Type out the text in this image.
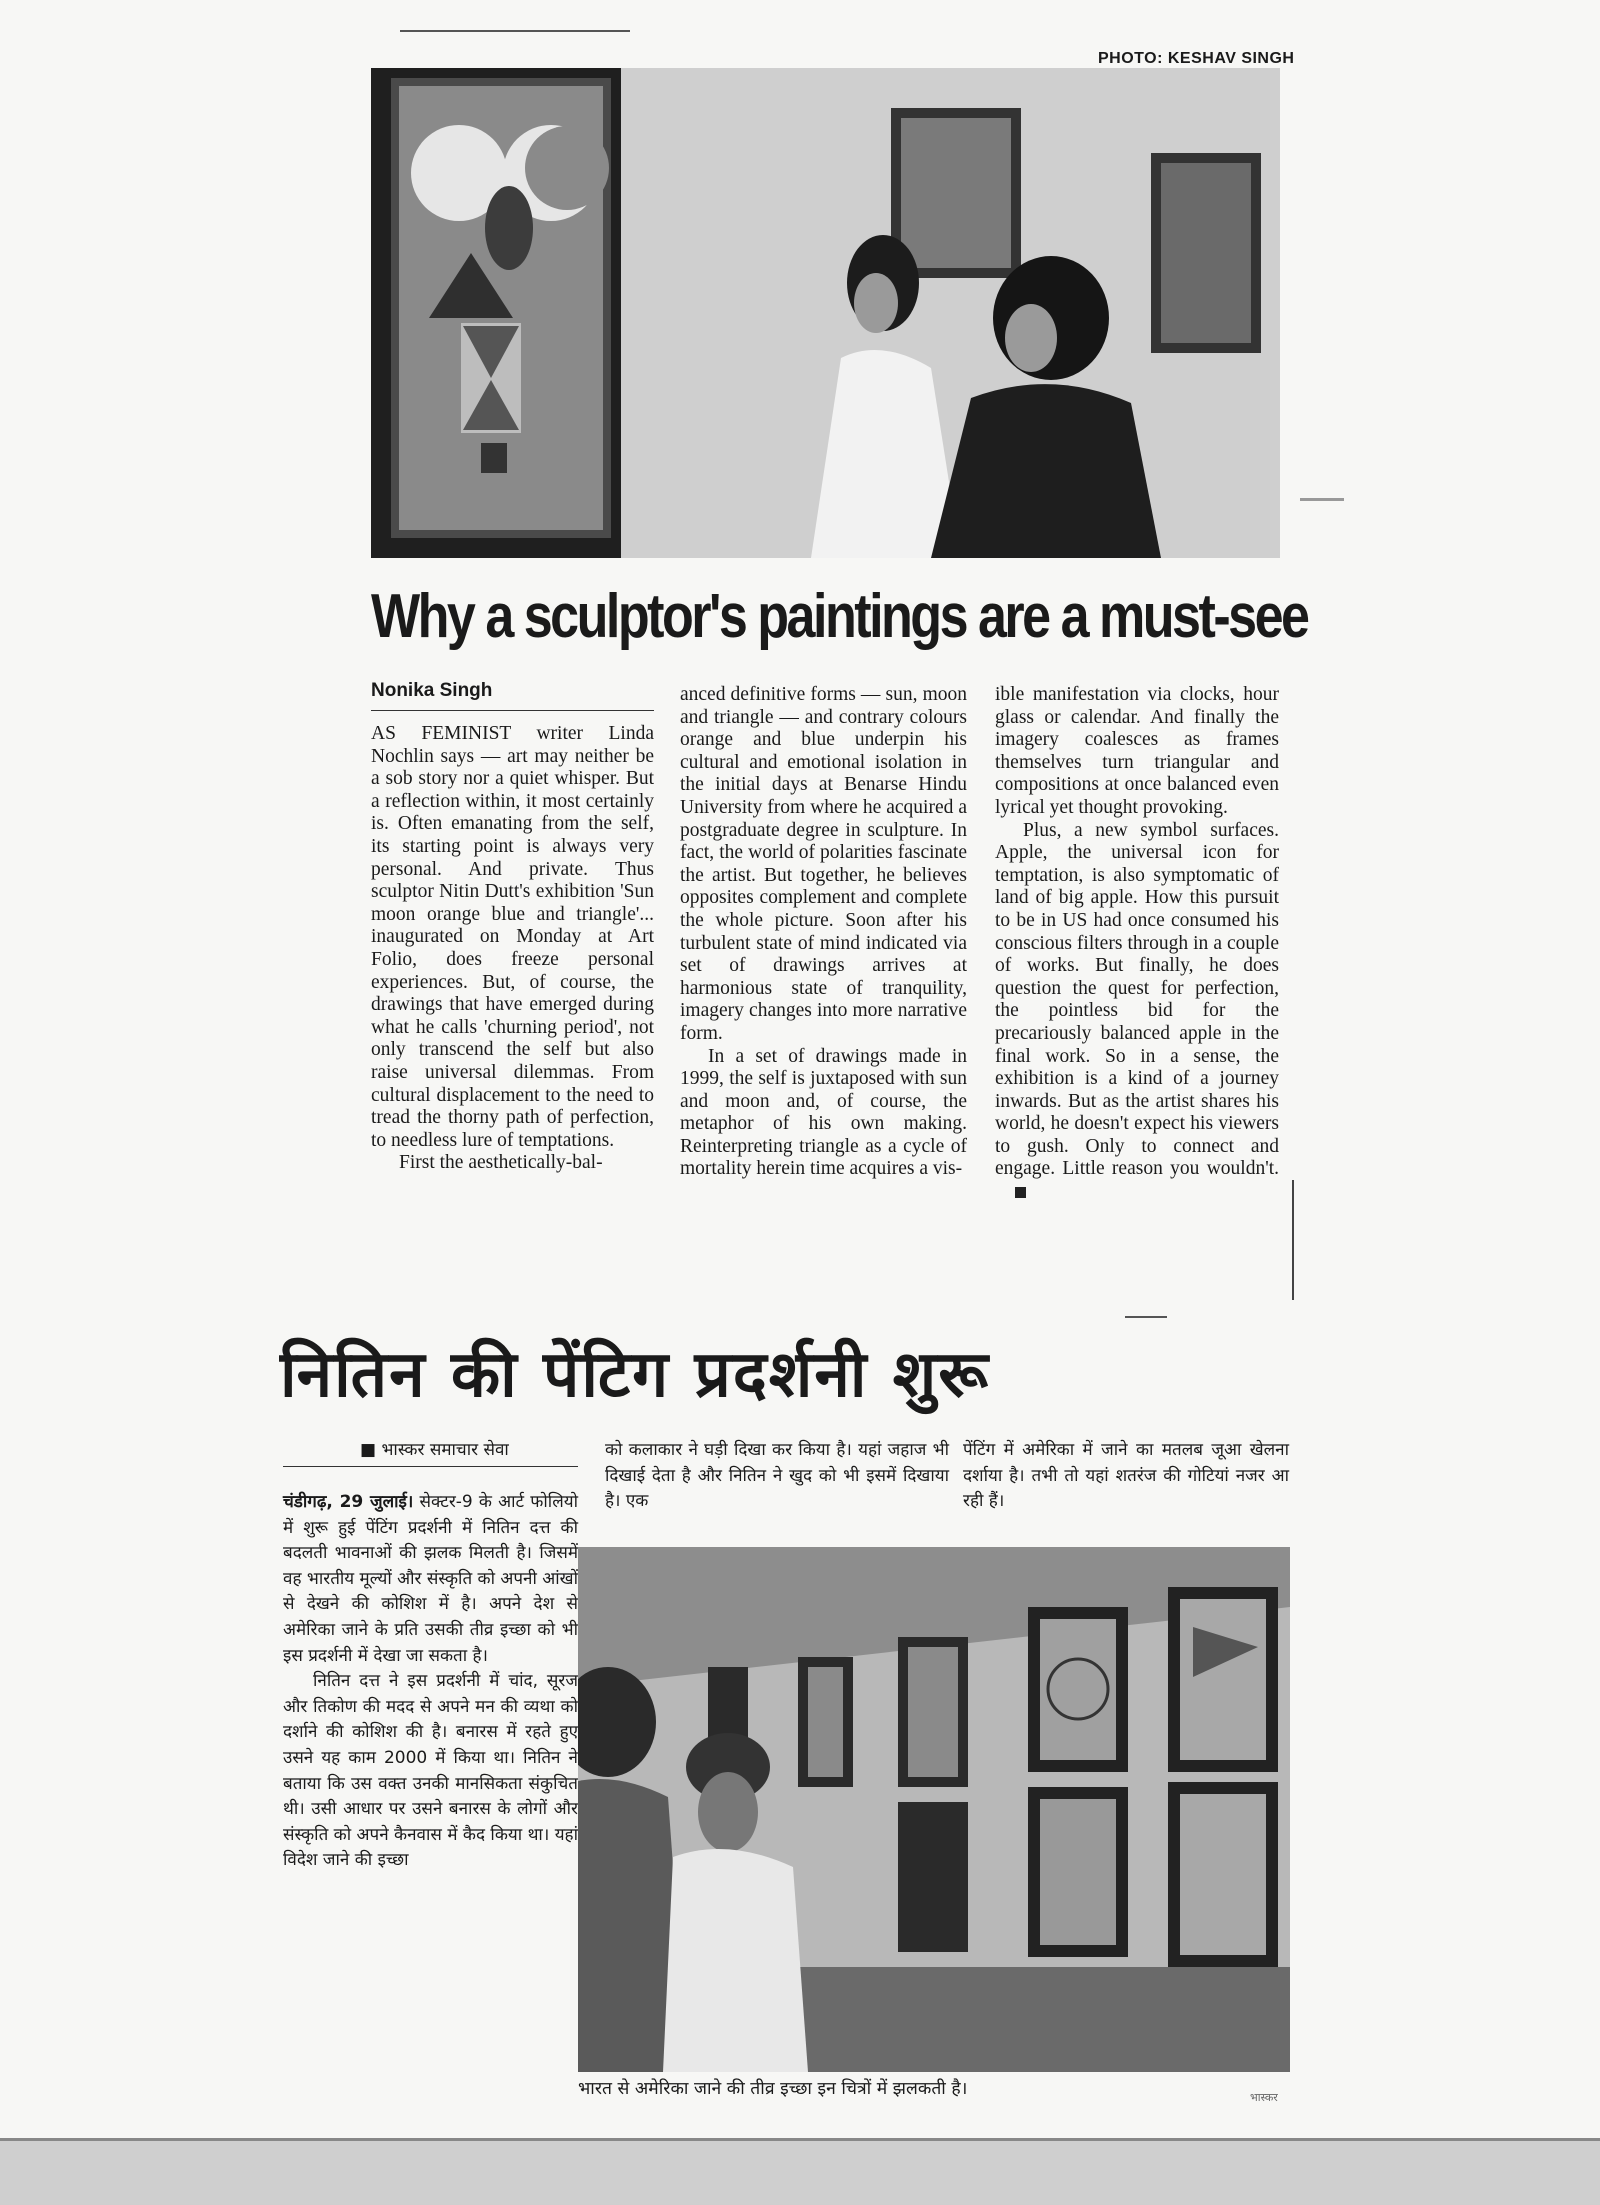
PHOTO: KESHAV SINGH
Why a sculptor's paintings are a must-see
Nonika Singh

AS FEMINIST writer Linda Nochlin says — art may neither be a sob story nor a quiet whisper. But a reflection within, it most certainly is. Often emanating from the self, its starting point is always very personal. And private. Thus sculptor Nitin Dutt's exhibition 'Sun moon orange blue and triangle'... inaugurated on Monday at Art Folio, does freeze personal experiences. But, of course, the drawings that have emerged during what he calls 'churning period', not only transcend the self but also raise universal dilemmas. From cultural displacement to the need to tread the thorny path of perfection, to needless lure of temptations.

First the aesthetically-bal-

anced definitive forms — sun, moon and triangle — and contrary colours orange and blue underpin his cultural and emotional isolation in the initial days at Benarse Hindu University from where he acquired a postgraduate degree in sculpture. In fact, the world of polarities fascinate the artist. But together, he believes opposites complement and complete the whole picture. Soon after his turbulent state of mind indicated via set of drawings arrives at harmonious state of tranquility, imagery changes into more narrative form.

In a set of drawings made in 1999, the self is juxtaposed with sun and moon and, of course, the metaphor of his own making. Reinterpreting triangle as a cycle of mortality herein time acquires a vis-

ible manifestation via clocks, hour glass or calendar. And finally the imagery coalesces as frames themselves turn triangular and compositions at once balanced even lyrical yet thought provoking.

Plus, a new symbol surfaces. Apple, the universal icon for temptation, is also symptomatic of land of big apple. How this pursuit to be in US had once consumed his conscious filters through in a couple of works. But finally, he does question the quest for perfection, the pointless bid for the precariously balanced apple in the final work. So in a sense, the exhibition is a kind of a journey inwards. But as the artist shares his world, he doesn't expect his viewers to gush. Only to connect and engage. Little reason you wouldn't.

नितिन की पेंटिग प्रदर्शनी शुरू
■ भास्कर समाचार सेवा

चंडीगढ़, 29 जुलाई। सेक्टर-9 के आर्ट फोलियो में शुरू हुई पेंटिंग प्रदर्शनी में नितिन दत्त की बदलती भावनाओं की झलक मिलती है। जिसमें वह भारतीय मूल्यों और संस्कृति को अपनी आंखों से देखने की कोशिश में है। अपने देश से अमेरिका जाने के प्रति उसकी तीव्र इच्छा को भी इस प्रदर्शनी में देखा जा सकता है।

नितिन दत्त ने इस प्रदर्शनी में चांद, सूरज और तिकोण की मदद से अपने मन की व्यथा को दर्शाने की कोशिश की है। बनारस में रहते हुए उसने यह काम 2000 में किया था। नितिन ने बताया कि उस वक्त उनकी मानसिकता संकुचित थी। उसी आधार पर उसने बनारस के लोगों और संस्कृति को अपने कैनवास में कैद किया था। यहां विदेश जाने की इच्छा

को कलाकार ने घड़ी दिखा कर किया है। यहां जहाज भी दिखाई देता है और नितिन ने खुद को भी इसमें दिखाया है। एक

पेंटिंग में अमेरिका में जाने का मतलब जूआ खेलना दर्शाया है। तभी तो यहां शतरंज की गोटियां नजर आ रही हैं।

भारत से अमेरिका जाने की तीव्र इच्छा इन चित्रों में झलकती है।	भास्कर
